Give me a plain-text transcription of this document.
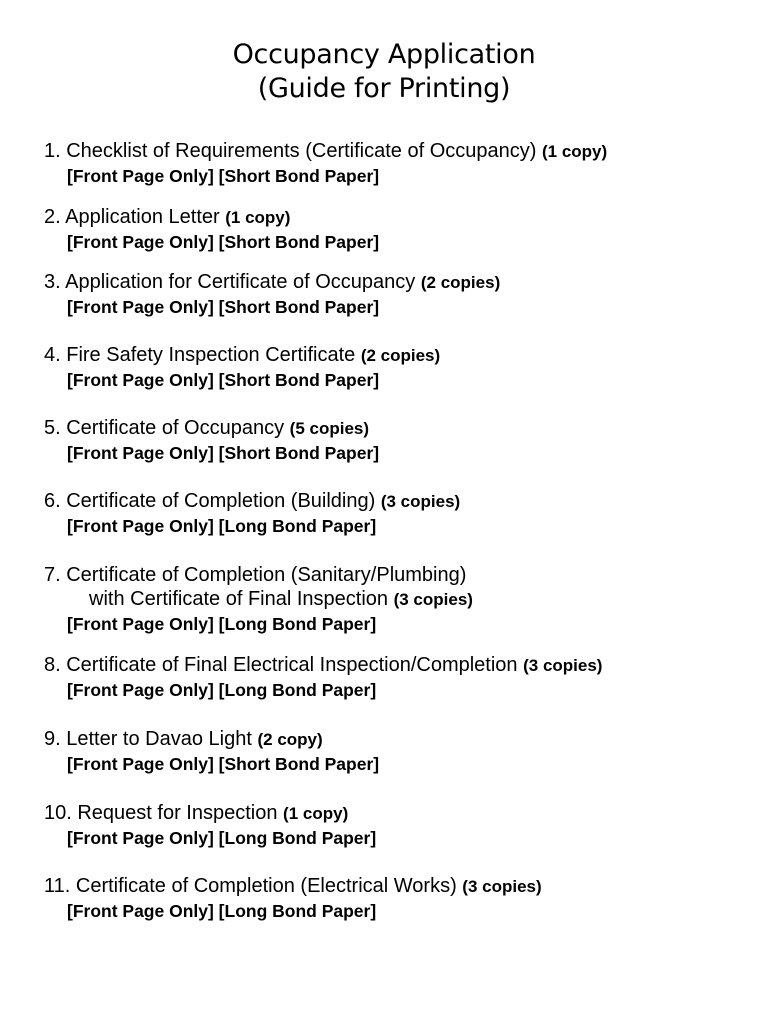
Occupancy Application
(Guide for Printing)
1. Checklist of Requirements (Certificate of Occupancy) (1 copy)
[Front Page Only] [Short Bond Paper]
2. Application Letter (1 copy)
[Front Page Only] [Short Bond Paper]
3. Application for Certificate of Occupancy (2 copies)
[Front Page Only] [Short Bond Paper]
4. Fire Safety Inspection Certificate (2 copies)
[Front Page Only] [Short Bond Paper]
5. Certificate of Occupancy (5 copies)
[Front Page Only] [Short Bond Paper]
6. Certificate of Completion (Building) (3 copies)
[Front Page Only] [Long Bond Paper]
7. Certificate of Completion (Sanitary/Plumbing)
with Certificate of Final Inspection (3 copies)
[Front Page Only] [Long Bond Paper]
8. Certificate of Final Electrical Inspection/Completion (3 copies)
[Front Page Only] [Long Bond Paper]
9. Letter to Davao Light (2 copy)
[Front Page Only] [Short Bond Paper]
10. Request for Inspection (1 copy)
[Front Page Only] [Long Bond Paper]
11. Certificate of Completion (Electrical Works) (3 copies)
[Front Page Only] [Long Bond Paper]
